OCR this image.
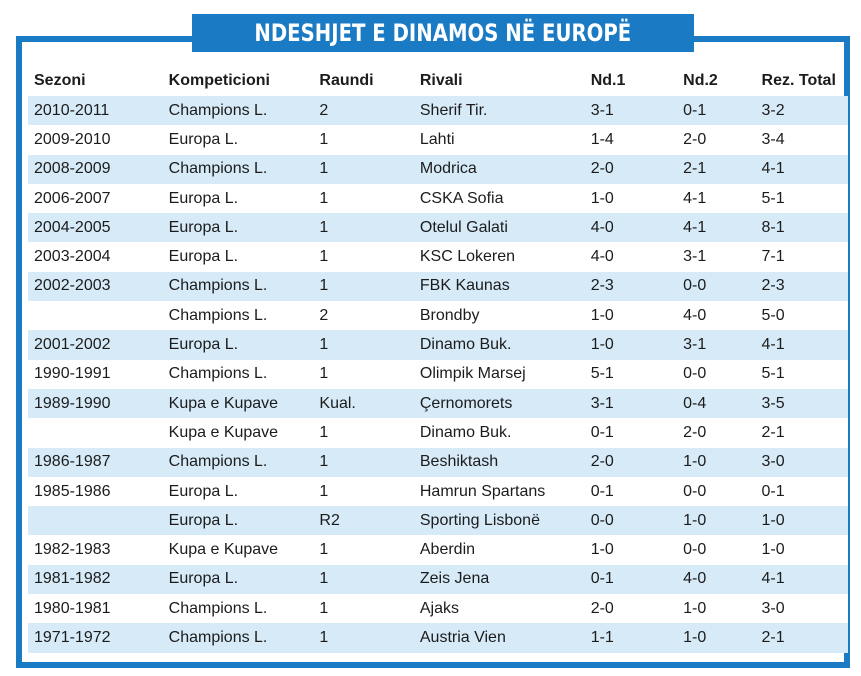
NDESHJET E DINAMOS NË EUROPË
Sezoni	Kompeticioni	Raundi	Rivali	Nd.1	Nd.2	Rez. Total
2010-2011	Champions L.	2	Sherif Tir.	3-1	0-1	3-2
2009-2010	Europa L.	1	Lahti	1-4	2-0	3-4
2008-2009	Champions L.	1	Modrica	2-0	2-1	4-1
2006-2007	Europa L.	1	CSKA Sofia	1-0	4-1	5-1
2004-2005	Europa L.	1	Otelul Galati	4-0	4-1	8-1
2003-2004	Europa L.	1	KSC Lokeren	4-0	3-1	7-1
2002-2003	Champions L.	1	FBK Kaunas	2-3	0-0	2-3
	Champions L.	2	Brondby	1-0	4-0	5-0
2001-2002	Europa L.	1	Dinamo Buk.	1-0	3-1	4-1
1990-1991	Champions L.	1	Olimpik Marsej	5-1	0-0	5-1
1989-1990	Kupa e Kupave	Kual.	Çernomorets	3-1	0-4	3-5
	Kupa e Kupave	1	Dinamo Buk.	0-1	2-0	2-1
1986-1987	Champions L.	1	Beshiktash	2-0	1-0	3-0
1985-1986	Europa L.	1	Hamrun Spartans	0-1	0-0	0-1
	Europa L.	R2	Sporting Lisbonë	0-0	1-0	1-0
1982-1983	Kupa e Kupave	1	Aberdin	1-0	0-0	1-0
1981-1982	Europa L.	1	Zeis Jena	0-1	4-0	4-1
1980-1981	Champions L.	1	Ajaks	2-0	1-0	3-0
1971-1972	Champions L.	1	Austria Vien	1-1	1-0	2-1
